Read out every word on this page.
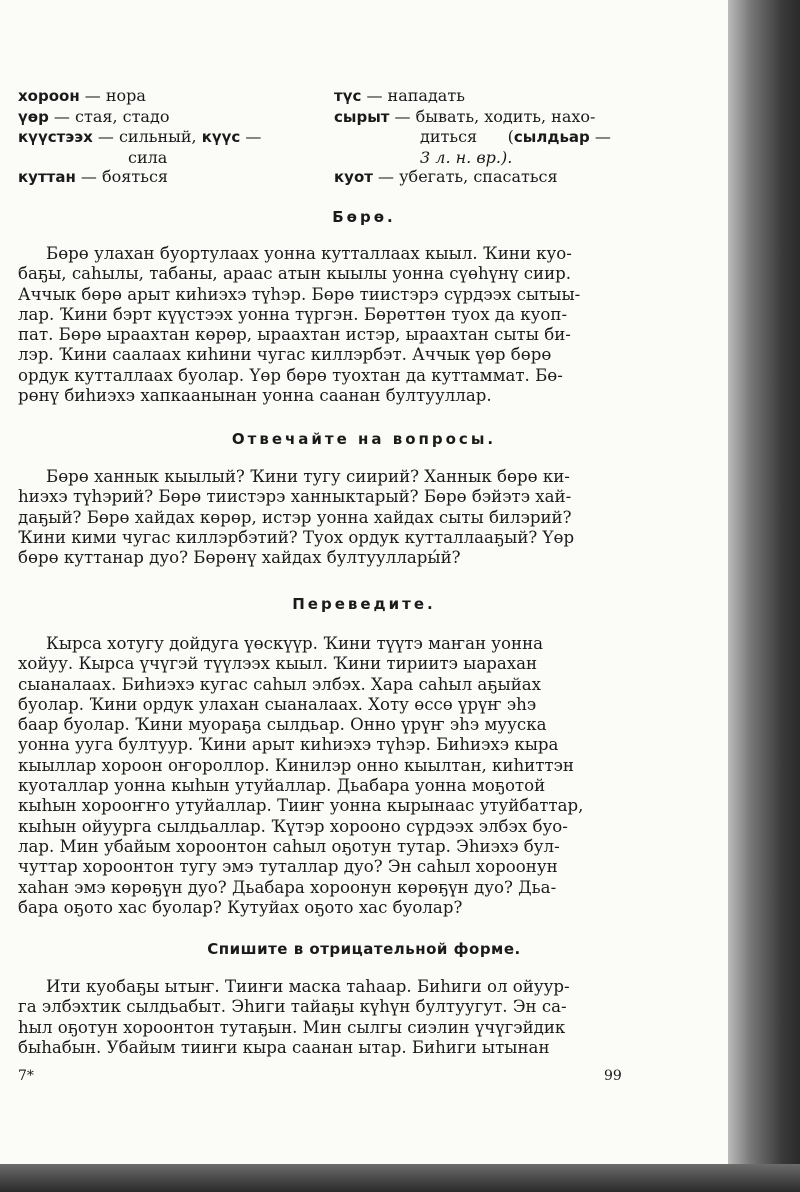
хороон — нора

үөр — стая, стадо

күүстээх — сильный, күүс —

сила

куттан — бояться

түс — нападать

сырыт — бывать, ходить, нахо-

диться      (сылдьар —

3 л. н. вр.).

куот — убегать, спасаться

Бөрө.
Бөрө улахан буортулаах уонна кутталлаах кыыл. Ҡини куо-
баҕы, саһылы, табаны, араас атын кыылы уонна сүөһүнү сиир.
Аччык бөрө арыт киһиэхэ түһэр. Бөрө тиистэрэ сүрдээх сытыы-
лар. Ҡини бэрт күүстээх уонна түргэн. Бөрөттөн туох да куоп-
пат. Бөрө ыраахтан көрөр, ыраахтан истэр, ыраахтан сыты би-
лэр. Ҡини саалаах киһини чугас киллэрбэт. Аччык үөр бөрө
ордук кутталлаах буолар. Үөр бөрө туохтан да куттаммат. Бө-
рөнү биһиэхэ хапкаанынан уонна саанан бултууллар.
Отвечайте на вопросы.
Бөрө ханнык кыылый? Ҡини тугу сиирий? Ханнык бөрө ки-
һиэхэ түһэрий? Бөрө тиистэрэ ханныктарый? Бөрө бэйэтэ хай-
даҕый? Бөрө хайдах көрөр, истэр уонна хайдах сыты билэрий?
Ҡини кими чугас киллэрбэтий? Туох ордук кутталлааҕый? Үөр
бөрө куттанар дуо? Бөрөнү хайдах бултууллары́й?
Переведите.
Кырса хотугу дойдуга үөскүүр. Ҡини түүтэ маҥан уонна
хойуу. Кырса үчүгэй түүлээх кыыл. Ҡини тириитэ ыарахан
сыаналаах. Биһиэхэ кугас саһыл элбэх. Хара саһыл аҕыйах
буолар. Ҡини ордук улахан сыаналаах. Хоту өссө үрүҥ эһэ
баар буолар. Ҡини муораҕа сылдьар. Онно үрүҥ эһэ мууска
уонна ууга бултуур. Ҡини арыт киһиэхэ түһэр. Биһиэхэ кыра
кыыллар хороон оҥороллор. Кинилэр онно кыылтан, киһиттэн
куоталлар уонна кыһын утуйаллар. Дьабара уонна моҕотой
кыһын хорооҥҥо утуйаллар. Тииҥ уонна кырынаас утуйбаттар,
кыһын ойуурга сылдьаллар. Ҡүтэр хорооно сүрдээх элбэх буо-
лар. Мин убайым хороонтон саһыл оҕотун тутар. Эһиэхэ бул-
чуттар хороонтон тугу эмэ туталлар дуо? Эн саһыл хороонун
хаһан эмэ көрөҕүн дуо? Дьабара хороонун көрөҕүн дуо? Дьа-
бара оҕото хас буолар? Кутуйах оҕото хас буолар?
Спишите в отрицательной форме.
Ити куобаҕы ытыҥ. Тииҥи маска таһаар. Биһиги ол ойуур-
га элбэхтик сылдьабыт. Эһиги тайаҕы күһүн бултуугут. Эн са-
һыл оҕотун хороонтон тутаҕын. Мин сылгы сиэлин үчүгэйдик
быһабын. Убайым тииҥи кыра саанан ытар. Биһиги ытынан
7*	99
